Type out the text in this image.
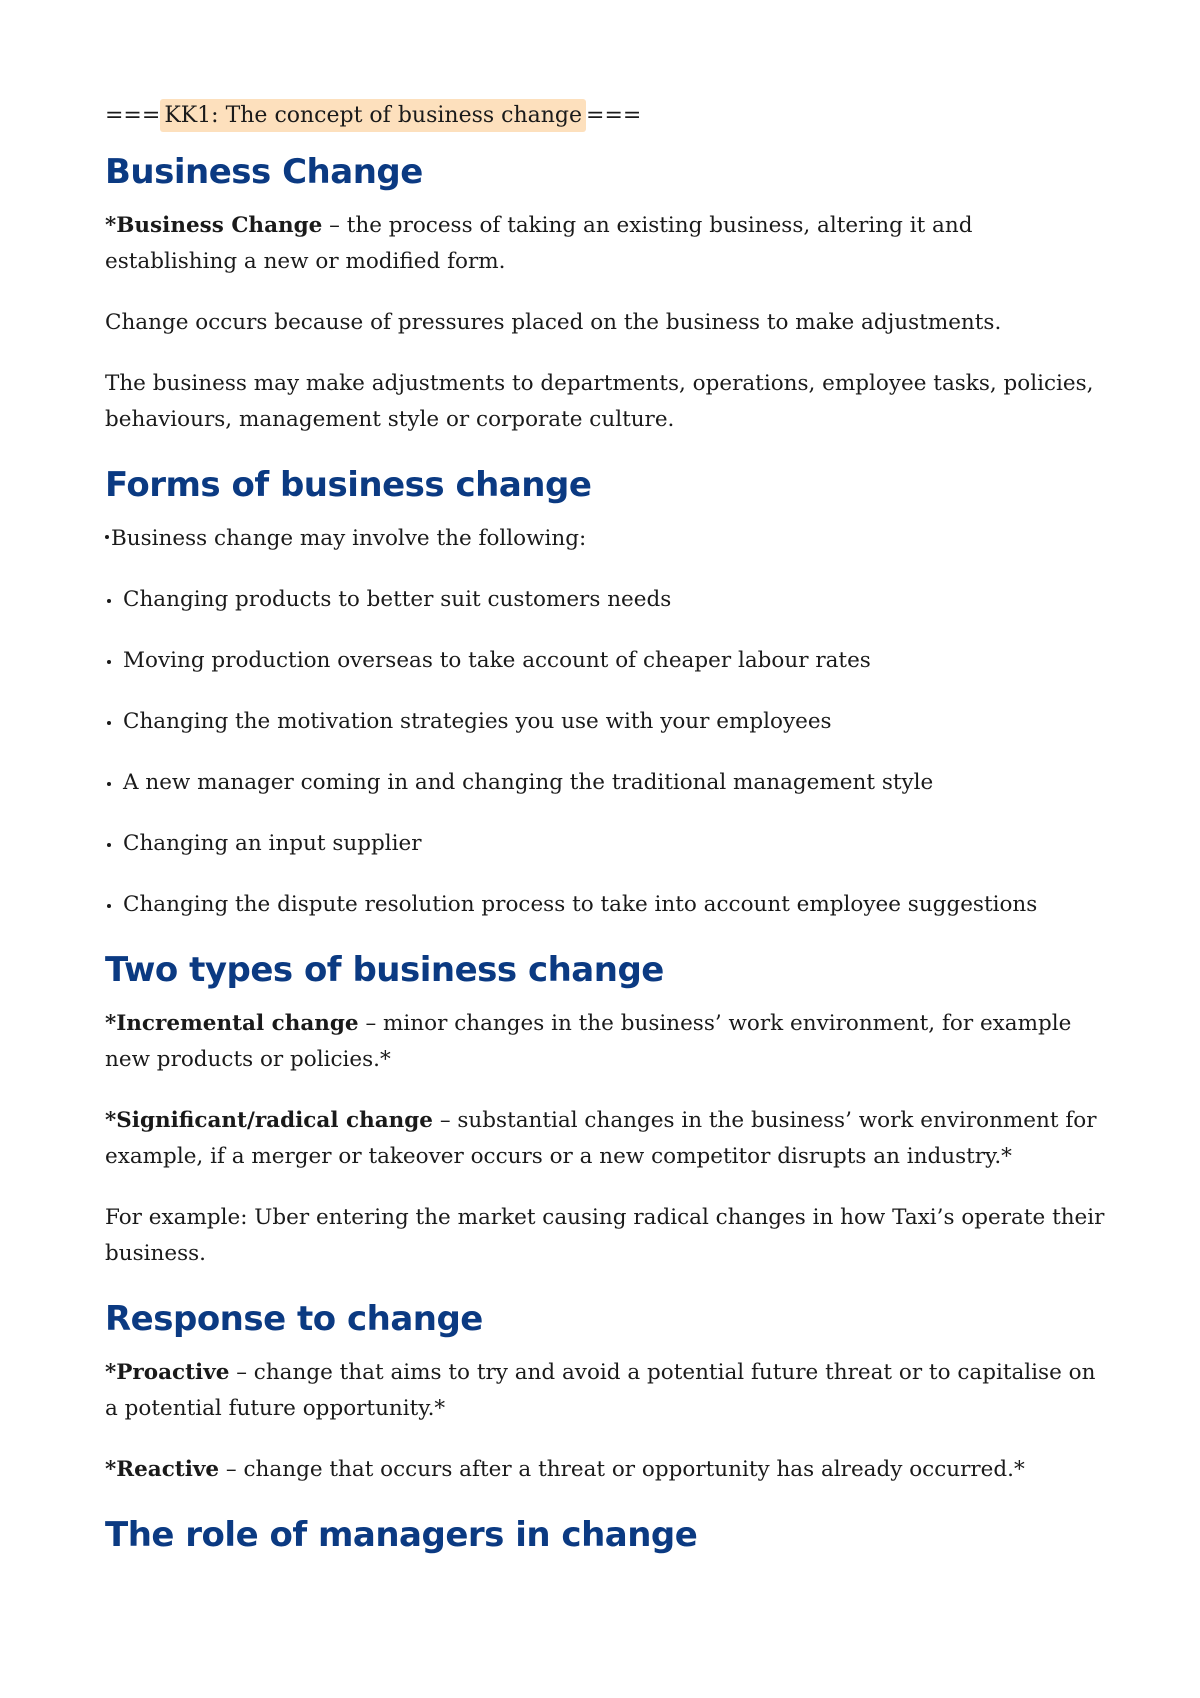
=== KK1: The concept of business change ===
Business Change

*Business Change – the process of taking an existing business, altering it and establishing a new or modified form.

Change occurs because of pressures placed on the business to make adjustments.

The business may make adjustments to departments, operations, employee tasks, policies, behaviours, management style or corporate culture.

Forms of business change

Business change may involve the following:

Changing products to better suit customers needs
Moving production overseas to take account of cheaper labour rates
Changing the motivation strategies you use with your employees
A new manager coming in and changing the traditional management style
Changing an input supplier
Changing the dispute resolution process to take into account employee suggestions
Two types of business change

*Incremental change – minor changes in the business’ work environment, for example new products or policies.*

*Significant/radical change – substantial changes in the business’ work environment for example, if a merger or takeover occurs or a new competitor disrupts an industry.*

For example: Uber entering the market causing radical changes in how Taxi’s operate their business.

Response to change

*Proactive – change that aims to try and avoid a potential future threat or to capitalise on a potential future opportunity.*

*Reactive – change that occurs after a threat or opportunity has already occurred.*

The role of managers in change
